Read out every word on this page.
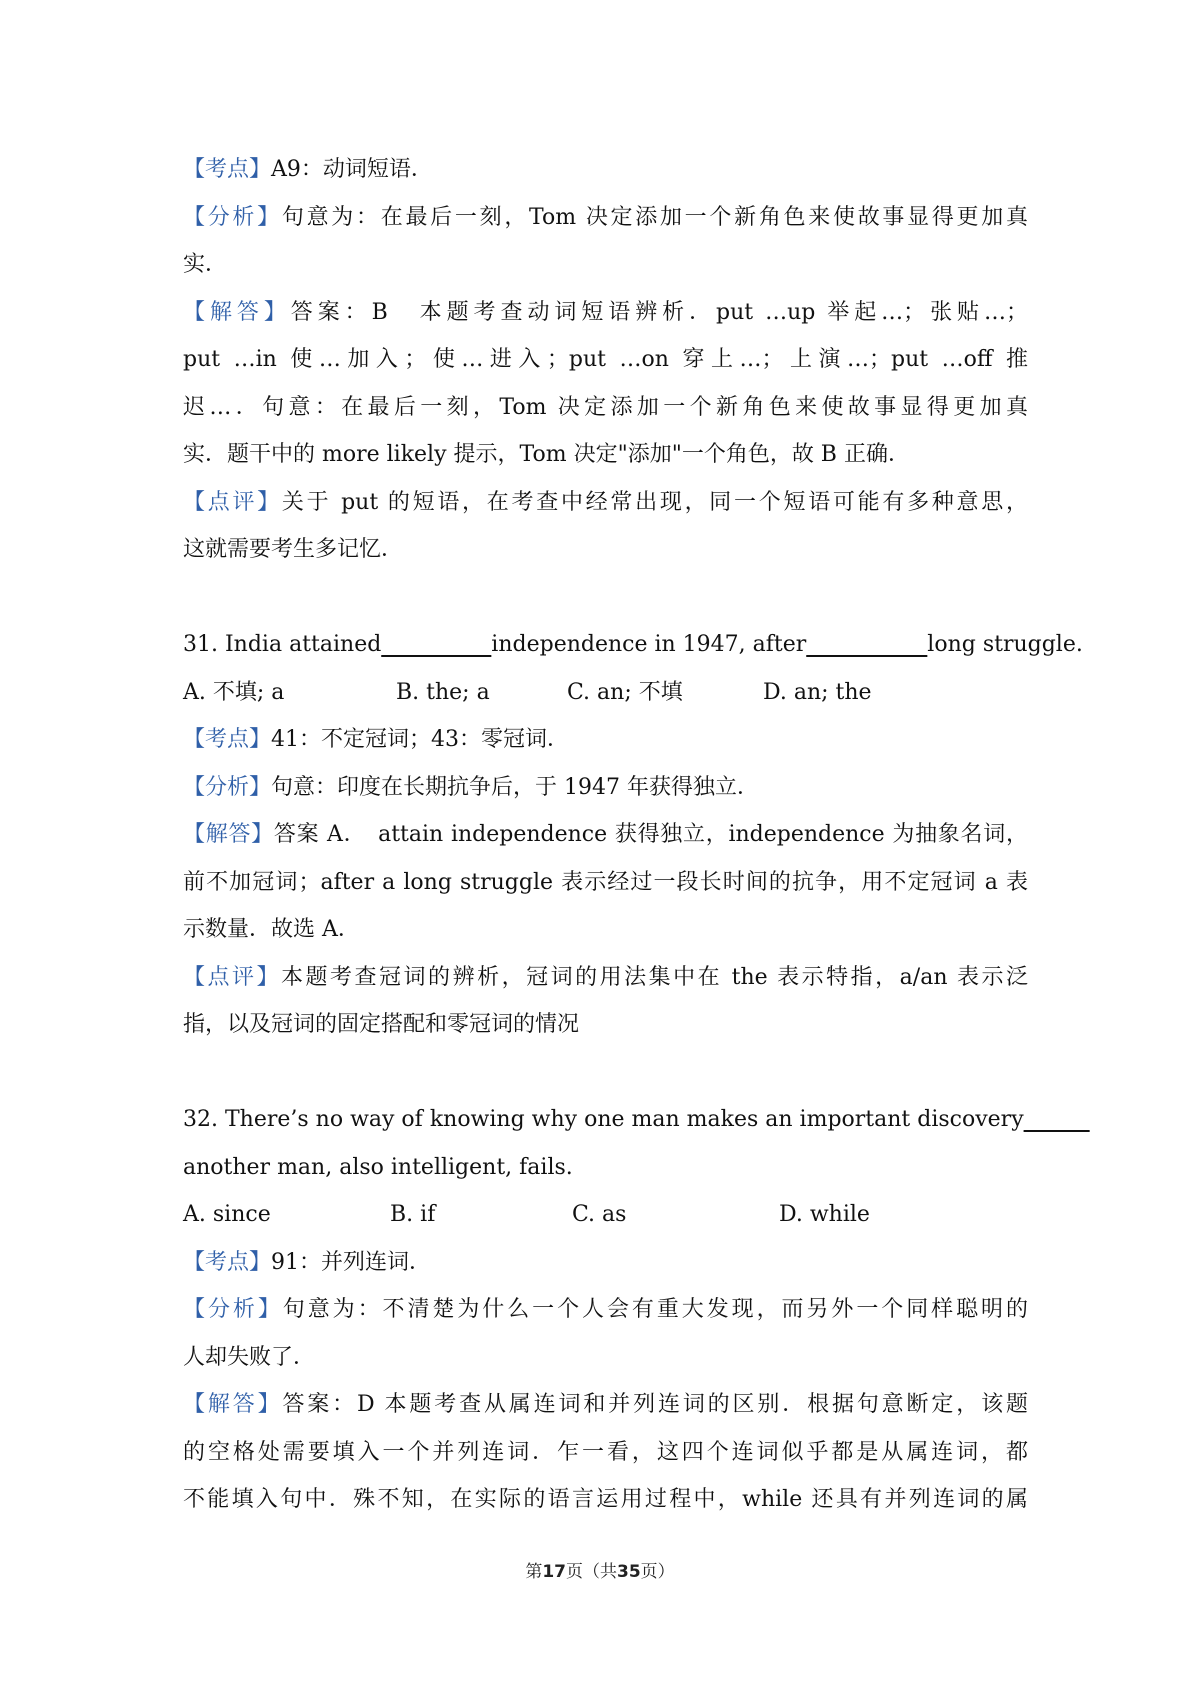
【考点】A9：动词短语．
【分析】句意为：在最后一刻，Tom 决定添加一个新角色来使故事显得更加真
实．
【解答】答案：B　本题考查动词短语辨析．put …up 举起…；张贴…；
put …in 使…加入；使…进入；put …on 穿上…；上演…；put …off 推
迟…．句意：在最后一刻，Tom 决定添加一个新角色来使故事显得更加真
实．题干中的 more likely 提示，Tom 决定"添加"一个角色，故 B 正确．
【点评】关于 put 的短语，在考查中经常出现，同一个短语可能有多种意思，
这就需要考生多记忆．
31. India attained__________independence in 1947, after___________long struggle.
A. 不填; a	B. the; a	C. an; 不填	D. an; the
【考点】41：不定冠词；43：零冠词．
【分析】句意：印度在长期抗争后，于 1947 年获得独立．
【解答】答案 A．　attain independence 获得独立，independence 为抽象名词，
前不加冠词；after a long struggle 表示经过一段长时间的抗争，用不定冠词 a 表
示数量．故选 A．
【点评】本题考查冠词的辨析，冠词的用法集中在 the 表示特指，a/an 表示泛
指，以及冠词的固定搭配和零冠词的情况
32. There’s no way of knowing why one man makes an important discovery______
another man, also intelligent, fails.
A. since	B. if	C. as	D. while
【考点】91：并列连词．
【分析】句意为：不清楚为什么一个人会有重大发现，而另外一个同样聪明的
人却失败了．
【解答】答案：D 本题考查从属连词和并列连词的区别．根据句意断定，该题
的空格处需要填入一个并列连词．乍一看，这四个连词似乎都是从属连词，都
不能填入句中．殊不知，在实际的语言运用过程中，while 还具有并列连词的属
第17页（共35页）
